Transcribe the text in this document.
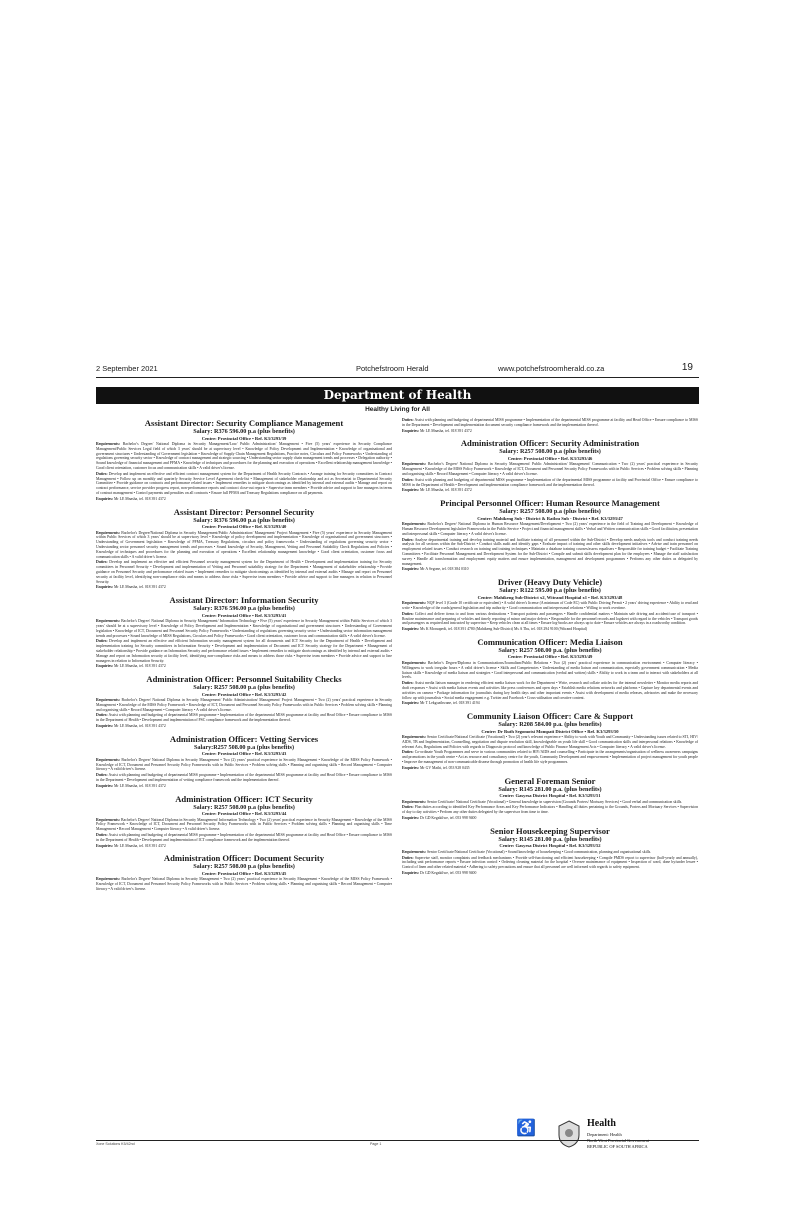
2 September 2021	Potchefstroom Herald	www.potchefstroomherald.co.za	19
Department of Health
Healthy Living for All
Assistant Director: Security Compliance Management
Salary: R376 596.00 p.a (plus benefits)
Centre: Provincial Office • Ref. K3/3293/39

Requirements: Bachelor's Degree/ National Diploma in Security Management/Law/ Public Administration/ Management • Five (5) years' experience in Security Compliance Management/Public Services Legal field of which 3 years' should be at supervisory level • Knowledge of Policy Development and Implementation • Knowledge of organisational and government structures • Understanding of Government legislation • Knowledge of Supply Chain Management Regulations, Practice notes, Circulars and Policy Frameworks • Understanding of regulations governing security sector • Knowledge of contract management and strategic sourcing • Understanding sector supply chain management trends and processes • Delegation authority • Sound knowledge of financial management and PFMA • Knowledge of techniques and procedures for the planning and execution of operations • Excellent relationship management knowledge • Good client orientation, customer focus and communication skills • A valid driver's license.

Duties: Develop and implement an effective and efficient contract management system for the Department of Health Security Contracts • Arrange training for Security committees in Contract Management • Follow up on monthly and quarterly Security Service Level Agreement check-list • Management of stakeholder relationship and act as Secretariat to Departmental Security Committee • Provide guidance on contracts and performance related issues • Implement remedies to mitigate shortcomings as identified by internal and external audits • Manage and report on contract performance, service provider progress report, non-performance reports and contract close-out reports • Supervise team members • Provide advice and support to line managers in terms of contract management • Control payments and penalties on all contracts • Ensure full PFMA and Treasury Regulations compliance on all payments.

Enquiries: Mr LE Mnasha, tel. 018 391 4372

Assistant Director: Personnel Security
Salary: R376 596.00 p.a (plus benefits)
Centre: Provincial Office • Ref. K3/3293/40

Requirements: Bachelor's Degree/National Diploma in Security Management/Public Administration/ Management/ Project Management • Five (5) years' experience in Security Management within Public Services of which 3 years' should be at supervisory level • Knowledge of policy development and implementation • Knowledge of organisational and government structures • Understanding of Government legislation • Knowledge of PFMA, Treasury Regulations, circulars and policy frameworks • Understanding of regulations governing security sector • Understanding sector personnel security management trends and processes • Sound knowledge of Security, Management, Vetting and Personnel Suitability Check Regulations and Policies • Knowledge of techniques and procedures for the planning and execution of operations • Excellent relationship management knowledge • Good client orientation, customer focus and communication skills • A valid driver's license.

Duties: Develop and implement an effective and efficient Personnel security management system for the Department of Health • Development and implementation training for Security committees in Personnel Security • Development and implementation of Vetting and Personnel suitability strategy for the Department • Management of stakeholder relationship • Provide guidance on Personnel Security and performance related issues • Implement remedies to mitigate shortcomings as identified by internal and external audits • Manage and report on Personnel security at facility level, identifying non-compliance risks and means to address those risks • Supervise team members • Provide advice and support to line managers in relation to Personnel Security.

Enquiries: Mr LE Mnasha, tel. 018 391 4372

Assistant Director: Information Security
Salary: R376 596.00 p.a (plus benefits)
Centre: Provincial Office • Ref. K3/3293/41

Requirements: Bachelor's Degree/ National Diploma in Security Management/ Information Technology • Five (5) years' experience in Security Management within Public Services of which 3 years' should be at a supervisory level • Knowledge of Policy Development and Implementation • Knowledge of organisational and government structures • Understanding of Government legislation • Knowledge of ICT, Document and Personnel Security Policy Frameworks • Understanding of regulations governing security sector • Understanding sector information management trends and processes • Sound knowledge of MISS Regulations, Circulars and Policy Frameworks • Good client orientation, customer focus and communication skills • A valid driver's license.

Duties: Develop and implement an effective and efficient Information security management system for all documents and ICT Security for the Department of Health • Development and implementation training for Security committees in Information Security • Development and implementation of Document and ICT Security strategy for the Department • Management of stakeholder relationship • Provide guidance on Information Security and performance related issues • Implement remedies to mitigate shortcomings as identified by internal and external audits • Manage and report on Information security at facility level, identifying non-compliance risks and means to address those risks • Supervise team members • Provide advice and support to line managers in relation to Information Security.

Enquiries: Mr LE Mnasha, tel. 018 391 4372

Administration Officer: Personnel Suitability Checks
Salary: R257 508.00 p.a (plus benefits)
Centre: Provincial Office • Ref. K3/3293/42

Requirements: Bachelor's Degree/ National Diploma in Security Management/ Public Administration/ Management/ Project Management • Two (2) years' practical experience in Security Management • Knowledge of the MISS Policy Framework • Knowledge of ICT, Document and Personnel Security Policy Frameworks with in Public Services • Problem solving skills • Planning and organising skills • Record Management • Computer literacy • A valid driver's license.

Duties: Assist with planning and budgeting of departmental MISS programme • Implementation of the departmental MISS programme at facility and Head Office • Ensure compliance to MISS in the Department of Health • Development and implementation of PSC compliance framework and the implementation thereof.

Enquiries: Mr LE Mnasha, tel. 018 391 4372

Administration Officer: Vetting Services
Salary:R257 508.00 p.a (plus benefits)
Centre: Provincial Office • Ref. K3/3293/43

Requirements: Bachelor's Degree/ National Diploma in Security Management • Two (2) years' practical experience in Security Management • Knowledge of the MISS Policy Framework • Knowledge of ICT, Document and Personnel Security Policy Frameworks with in Public Services • Problem solving skills • Planning and organising skills • Record Management • Computer literacy • A valid driver's license.

Duties: Assist with planning and budgeting of departmental MISS programme • Implementation of the departmental MISS programme at facility and Head Office • Ensure compliance to MISS in the Department • Development and implementation of vetting compliance framework and the implementation thereof.

Enquiries: Mr LE Mnasha, tel. 018 391 4372

Administration Officer: ICT Security
Salary: R257 508.00 p.a (plus benefits)
Centre: Provincial Office • Ref. K3/3293/44

Requirements: Bachelor's Degree/ National Diploma in Security Management/ Information Technology • Two (2) years' practical experience in Security Management • Knowledge of the MISS Policy Framework • Knowledge of ICT, Document and Personnel Security Policy Frameworks with in Public Services • Problem solving skills • Planning and organising skills • Time Management • Record Management • Computer literacy • A valid driver's license.

Duties: Assist with planning and budgeting of departmental MISS programme • Implementation of the departmental MISS programme at facility and Head Office • Ensure compliance to MISS in the Department of Health • Development and implementation of ICT compliance framework and the implementation thereof.

Enquiries: Mr LE Mnasha, tel. 018 391 4372

Administration Officer: Document Security
Salary: R257 508.00 p.a (plus benefits)
Centre: Provincial Office • Ref. K3/3293/45

Requirements: Bachelor's Degree/ National Diploma in Security Management • Two (2) years' practical experience in Security Management • Knowledge of the MISS Policy Framework • Knowledge of ICT, Document and Personnel Security Policy Frameworks with in Public Services • Problem solving skills • Planning and organising skills • Record Management • Computer literacy • A valid driver's license.

Duties: Assist with planning and budgeting of departmental MISS programme • Implementation of the departmental MISS programme at facility and Head Office • Ensure compliance to MISS in the Department • Development and implementation document security compliance framework and the implementation thereof.

Enquiries: Mr LE Mnasha, tel. 018 391 4372

Administration Officer: Security Administration
Salary: R257 508.00 p.a (plus benefits)
Centre: Provincial Office • Ref. K3/3293/46

Requirements: Bachelor's Degree/ National Diploma in Security Management/ Public Administration/ Management/ Communication • Two (2) years' practical experience in Security Management • Knowledge of the MISS Policy Framework • Knowledge of ICT, Document and Personnel Security Policy Frameworks with in Public Services • Problem solving skills • Planning and organising skills • Record Management • Computer literacy • A valid driver's license.

Duties: Assist with planning and budgeting of departmental MISS programme • Implementation of the departmental MISS programme at facility and Provincial Office • Ensure compliance to MISS in the Department of Health • Development and implementation compliance framework and the implementation thereof.

Enquiries: Mr LE Mnasha, tel. 018 391 4372

Principal Personnel Officer: Human Resource Management
Salary: R257 508.00 p.a (plus benefits)
Centre: Mahikeng Sub - District & Ratlou Sub - District • Ref. K3/3293/47

Requirements: Bachelor's Degree/ National Diploma in Human Resource Management/Development • Two (2) years' experience in the field of Training and Development • Knowledge of Human Resource Development legislative Frameworks in the Public Service • Project and financial management skills • Verbal and Written communication skills • Good facilitation, presentation and interpersonal skills • Computer literacy • A valid driver's license.

Duties: Analyse departmental training and develop training material and facilitate training of all personnel within the Sub-District • Develop needs analysis tools and conduct training needs analysis for all sections within the Sub-District • Conduct skills audit and identify gaps • Evaluate impact of training and other skills development initiatives • Advise and train personnel on employment related issues • Conduct research on training and training techniques • Maintain a database training courses/assess equalisers • Responsible for training budget • Facilitate Training Committees • Facilitate Personnel Management and Development System for the Sub-District • Compile and submit skills development plan for the employees • Manage the staff satisfaction survey • Handle all transformation and employment equity matters and ensure implementation, management and development programmes • Performs any other duties as delegated by management.

Enquiries: Mr A Segone, tel. 018 384 0310

Driver (Heavy Duty Vehicle)
Salary: R122 595.00 p.a (plus benefits)
Centre: Mahikeng Sub-District x2, Witrand Hospital x1 • Ref. K3/3293/48

Requirements: NQF level 3 (Grade 10 certificate or equivalent) • A valid driver's license (A minimum of Code EC) with Public Driving Permit • 2 years' driving experience • Ability to read and write • Knowledge of the roads/general legislation and trip authority • Good communication and interpersonal relations • Willing to work overtime.

Duties: Collect and deliver items to and from various destinations • Transport patients and passengers • Handle confidential matters • Maintain safe driving and accident/case of transport • Routine maintenance and preparing of vehicles and timely reporting of minor and major defects • Responsible for the personnel records and logsheet with regard to the vehicles • Transport goods and passengers as required and instructed by supervisor • Keep vehicles clean at all times • Ensure log-books are always up to date • Ensure vehicles are always in a roadworthy condition.

Enquiries: Ms K Moruapedi, tel. 018 391 4780 (Mahikeng Sub-District) Ms A Thu, tel. 018 294 9100 (Witrand Hospital)

Communication Officer: Media Liaison
Salary: R257 508.00 p.a. (plus benefits)
Centre: Provincial Office • Ref. K3/3293/49

Requirements: Bachelor's Degree/Diploma in Communications/Journalism/Public Relations • Two (2) years' practical experience in communication environment • Computer literacy • Willingness to work irregular hours • A valid driver's license • Skills and Competencies • Understanding of media liaison and communication, especially government communication • Media liaison skills • Knowledge of media liaison and strategies • Good interpersonal and communication (verbal and written) skills • Ability to work in a team and to interact with stakeholders at all levels.

Duties: Assist media liaison manager in rendering efficient media liaison work for the Department • Write, research and collate articles for the internal newsletter • Monitor media reports and draft responses • Assist with media liaison events and activities like press conferences and open days • Establish media relations networks and platforms • Capture key departmental events and activities on camera • Package information for journalists during key health days and other important events • Assist with development of media releases, advisories and make the necessary follow up with journalists • Social media engagement e.g. Twitter and Facebook • Cross-utilisation and creative content.

Enquiries: Mr T Lekgoathwane, tel. 018 391 4194

Community Liaison Officer: Care & Support
Salary: R208 584.00 p.a. (plus benefits)
Centre: Dr Ruth Segomotsi Mompati District Office • Ref. K3/3293/50

Requirements: Senior Certificate/National Certificate (Vocational) • Two (2) year's relevant experience • Ability to work with Youth and Community • Understanding issues related to STI, HIV/ AIDS, TB and Implementation, Counselling, negotiation and dispute resolution skill, knowledgeable on youth life skill • Good communication skills and interpersonal relations • Knowledge of relevant Acts, Regulations and Policies with regards to Diagnostic protocol and knowledge of Public Finance Management Acts • Computer literacy • A valid driver's license.

Duties: Co-ordinate Youth Programmes and serve in various communities related to HIV/AIDS and counselling • Participate in the arrangements/organisation of wellness awareness campaigns and promotions in the youth centre • Act as resource and consultancy centre for the youth, Community Development and empowerment • Implementation of project management for youth people • Improve the management of non-communicable disease through promotion of health life style programmes.

Enquiries: Mr GV Mathi, tel. 053 928 0435

General Foreman Senior
Salary: R145 281.00 p.a. (plus benefits)
Centre: Gasyesa District Hospital • Ref. K3/3293/51

Requirements: Senior Certificate/ National Certificate (Vocational) • General knowledge in supervision (Grounds Porters/ Mortuary Services) • Good verbal and communication skills.

Duties: Plan duties according to identified Key Performance Areas and Key Performance Indicators • Handling all duties pertaining to the Grounds, Porters and Mortuary Services • Supervision of day to day activities • Perform any other duties delegated by the supervisor from time to time.

Enquiries: Dr GD Kegakilwe, tel. 053 998 9400

Senior Housekeeping Supervisor
Salary: R145 281.00 p.a. (plus benefits)
Centre: Gasyesa District Hospital • Ref. K3/3293/52

Requirements: Senior Certificate/National Certificate (Vocational) • Sound knowledge of housekeeping • Good communication, planning and organisational skills.

Duties: Supervise staff, monitor complaints and feedback mechanisms • Provide self-functioning and efficient housekeeping • Compile PMDS report to supervisor (half-yearly and annually), including unit performance reports • Ensure infection control • Ordering cleaning material for the hospital • Oversee maintenance of equipment • Inspection of ward, done by/under lessee • Control of linen and other related material • Adhering to safety precautions and ensure that all personnel are well informed with regards to safety equipment.

Enquiries: Dr GD Kegakilwe, tel. 053 998 9400

♿	Health
Department: Health
REPUBLIC OF SOUTH AFRICA
Xone Solutions K5/42nd	Page 1
